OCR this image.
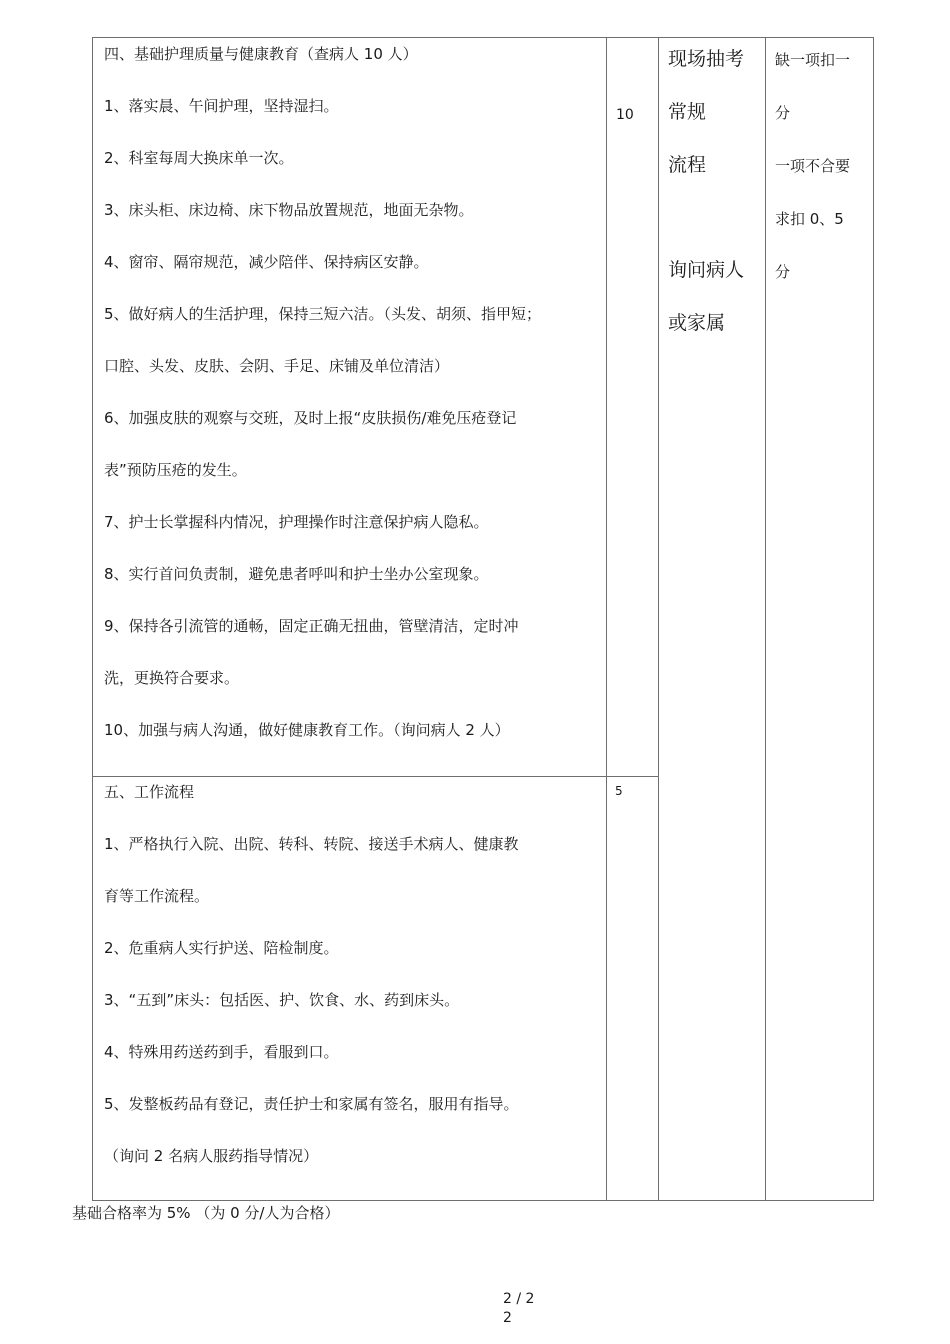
四、基础护理质量与健康教育（查病人 10 人）
1、落实晨、午间护理，坚持湿扫。
2、科室每周大换床单一次。
3、床头柜、床边椅、床下物品放置规范，地面无杂物。
4、窗帘、隔帘规范，减少陪伴、保持病区安静。
5、做好病人的生活护理，保持三短六洁。（头发、胡须、指甲短；
口腔、头发、皮肤、会阴、手足、床铺及单位清洁）
6、加强皮肤的观察与交班，及时上报“皮肤损伤/难免压疮登记
表”预防压疮的发生。
7、护士长掌握科内情况，护理操作时注意保护病人隐私。
8、实行首问负责制，避免患者呼叫和护士坐办公室现象。
9、保持各引流管的通畅，固定正确无扭曲，管壁清洁，定时冲
洗，更换符合要求。
10、加强与病人沟通，做好健康教育工作。（询问病人 2 人）
10
五、工作流程
1、严格执行入院、出院、转科、转院、接送手术病人、健康教
育等工作流程。
2、危重病人实行护送、陪检制度。
3、“五到”床头：包括医、护、饮食、水、药到床头。
4、特殊用药送药到手，看服到口。
5、发整板药品有登记，责任护士和家属有签名，服用有指导。
（询问 2 名病人服药指导情况）
5
现场抽考
常规
流程
询问病人
或家属
缺一项扣一
分
一项不合要
求扣 0、5
分
基础合格率为 5% （为 0 分/人为合格）
2 / 2
2
